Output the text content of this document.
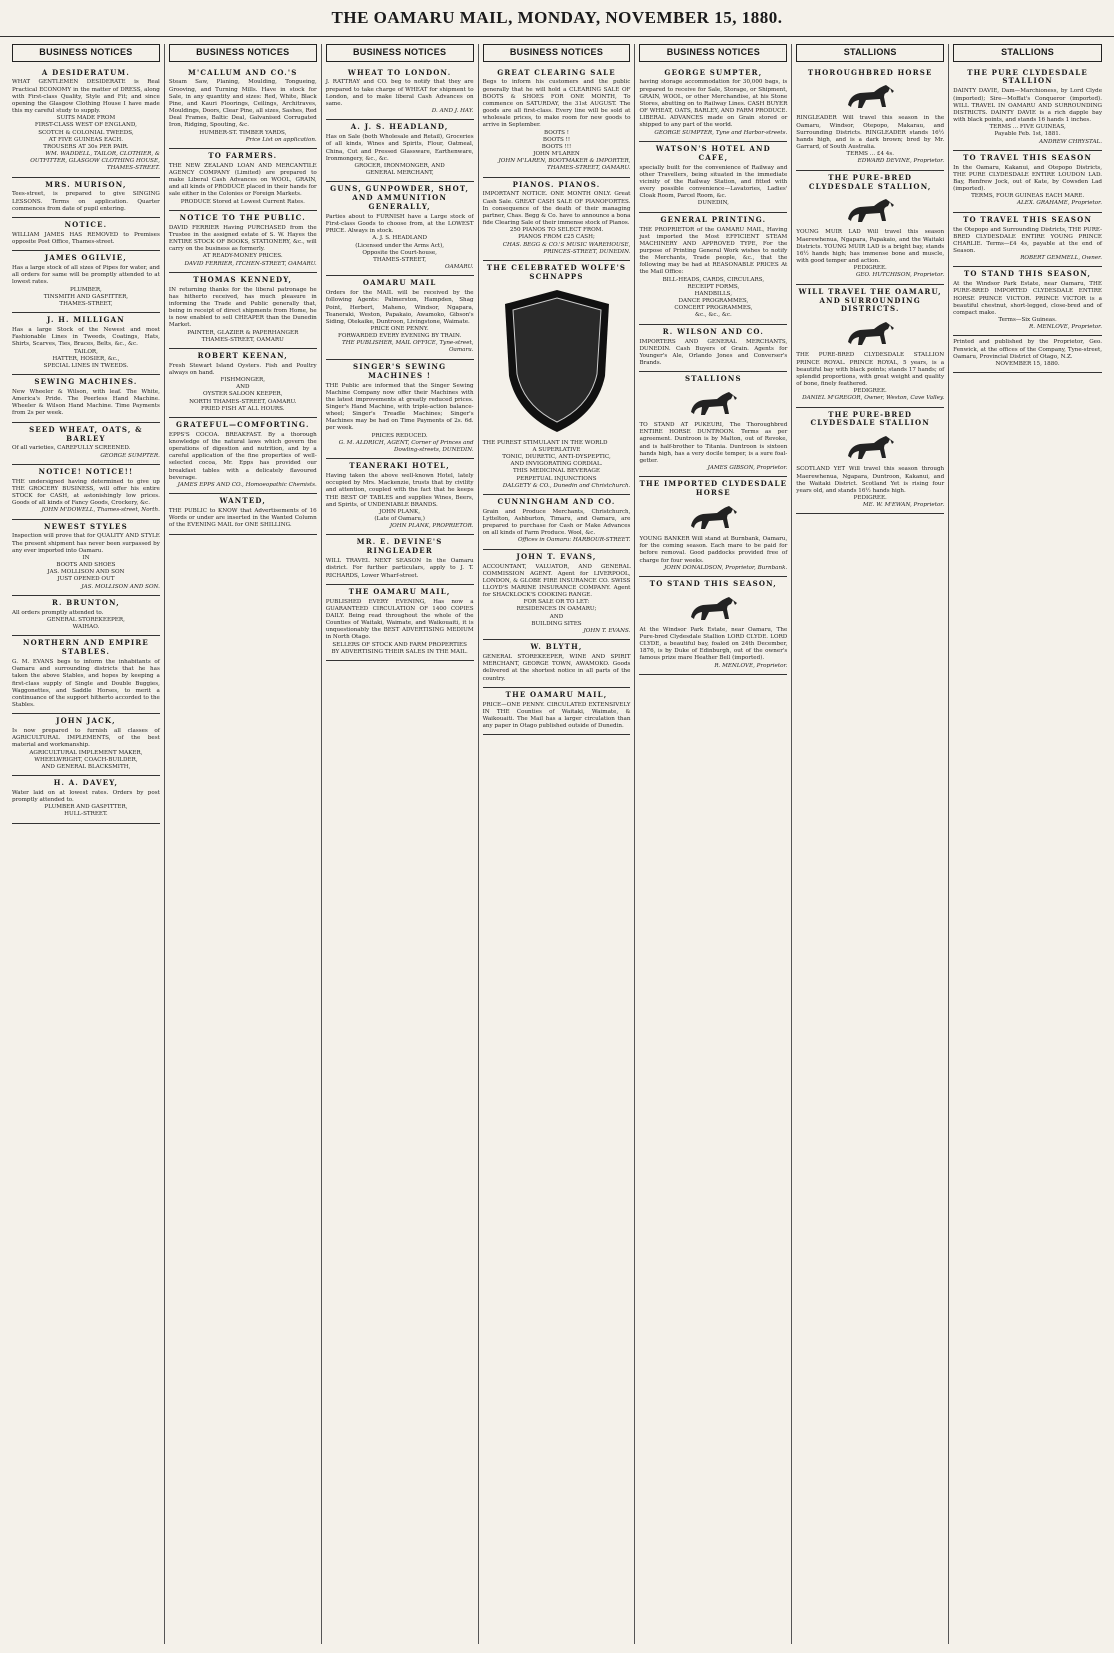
THE OAMARU MAIL, MONDAY, NOVEMBER 15, 1880.
BUSINESS NOTICES
A DESIDERATUM.
WHAT GENTLEMEN DESIDERATE is Real Practical ECONOMY in the matter of DRESS, along with First-class Quality, Style and Fit; and since opening the Glasgow Clothing House I have made this my careful study to supply.
SUITS MADE FROM
FIRST-CLASS WEST OF ENGLAND,
SCOTCH & COLONIAL TWEEDS,
AT FIVE GUINEAS EACH.
TROUSERS AT 30s PER PAIR.
WM. WADDELL, TAILOR, CLOTHIER, & OUTFITTER, GLASGOW CLOTHING HOUSE, THAMES-STREET.
MRS. MURISON,
Tees-street, is prepared to give SINGING LESSONS. Terms on application. Quarter commences from date of pupil entering.
NOTICE.
WILLIAM JAMES HAS REMOVED to Premises opposite Post Office, Thames-street.
JAMES OGILVIE,
Has a large stock of all sizes of Pipes for water, and all orders for same will be promptly attended to at lowest rates.
PLUMBER,
TINSMITH AND GASFITTER,
THAMES-STREET,
J. H. MILLIGAN
Has a large Stock of the Newest and most Fashionable Lines in Tweeds, Coatings, Hats, Shirts, Scarves, Ties, Braces, Belts, &c., &c.
TAILOR,
HATTER, HOSIER, &c.,
SPECIAL LINES IN TWEEDS.
SEWING MACHINES.
New Wheeler & Wilson, with leaf. The White, America's Pride. The Peerless Hand Machine. Wheeler & Wilson Hand Machine. Time Payments from 2s per week.
SEED WHEAT, OATS, & BARLEY
Of all varieties, CAREFULLY SCREENED.
GEORGE SUMPTER.
NOTICE! NOTICE!!
THE undersigned having determined to give up THE GROCERY BUSINESS, will offer his entire STOCK for CASH, at astonishingly low prices. Goods of all kinds of Fancy Goods, Crockery, &c.
JOHN M'DOWELL, Thames-street, North.
NEWEST STYLES
Inspection will prove that for QUALITY AND STYLE The present shipment has never been surpassed by any ever imported into Oamaru.
IN
BOOTS AND SHOES
JAS. MOLLISON AND SON
JUST OPENED OUT
JAS. MOLLISON AND SON.
R. BRUNTON,
All orders promptly attended to.
GENERAL STOREKEEPER,
WAIHAO.
NORTHERN AND EMPIRE STABLES.
G. M. EVANS begs to inform the inhabitants of Oamaru and surrounding districts that he has taken the above Stables, and hopes by keeping a first-class supply of Single and Double Buggies, Waggonettes, and Saddle Horses, to merit a continuance of the support hitherto accorded to the Stables.
JOHN JACK,
Is now prepared to furnish all classes of AGRICULTURAL IMPLEMENTS, of the best material and workmanship.
AGRICULTURAL IMPLEMENT MAKER,
WHEELWRIGHT, COACH-BUILDER,
AND GENERAL BLACKSMITH,
H. A. DAVEY,
Water laid on at lowest rates. Orders by post promptly attended to.
PLUMBER AND GASFITTER,
HULL-STREET.
BUSINESS NOTICES
M'CALLUM AND CO.'S
Steam Saw, Planing, Moulding, Tongueing, Grooving, and Turning Mills. Have in stock for Sale, in any quantity and sizes: Red, White, Black Pine, and Kauri Floorings, Ceilings, Architraves, Mouldings, Doors, Clear Pine, all sizes, Sashes, Red Deal Frames, Baltic Deal, Galvanised Corrugated Iron, Ridging, Spouting, &c.
HUMBER-ST. TIMBER YARDS,
Price List on application.
TO FARMERS.
THE NEW ZEALAND LOAN AND MERCANTILE AGENCY COMPANY (Limited) are prepared to make Liberal Cash Advances on WOOL, GRAIN, and all kinds of PRODUCE placed in their hands for sale either in the Colonies or Foreign Markets.
PRODUCE Stored at Lowest Current Rates.
NOTICE TO THE PUBLIC.
DAVID FERRIER Having PURCHASED from the Trustee in the assigned estate of S. W. Hayes the ENTIRE STOCK OF BOOKS, STATIONERY, &c., will carry on the business as formerly.
AT READY-MONEY PRICES.
DAVID FERRIER, ITCHEN-STREET, OAMARU.
THOMAS KENNEDY,
IN returning thanks for the liberal patronage he has hitherto received, has much pleasure in informing the Trade and Public generally that, being in receipt of direct shipments from Home, he is now enabled to sell CHEAPER than the Dunedin Market.
PAINTER, GLAZIER & PAPERHANGER
THAMES-STREET, OAMARU
ROBERT KEENAN,
Fresh Stewart Island Oysters. Fish and Poultry always on hand.
FISHMONGER,
AND
OYSTER SALOON KEEPER,
NORTH THAMES-STREET, OAMARU.
FRIED FISH AT ALL HOURS.
GRATEFUL—COMFORTING.
EPPS'S COCOA. BREAKFAST. By a thorough knowledge of the natural laws which govern the operations of digestion and nutrition, and by a careful application of the fine properties of well-selected cocoa, Mr. Epps has provided our breakfast tables with a delicately flavoured beverage.
JAMES EPPS AND CO., Homoeopathic Chemists.
WANTED,
THE PUBLIC to KNOW that Advertisements of 16 Words or under are inserted in the Wanted Column of the EVENING MAIL for ONE SHILLING.
BUSINESS NOTICES
WHEAT TO LONDON.
J. RATTRAY and CO. beg to notify that they are prepared to take charge of WHEAT for shipment to London, and to make liberal Cash Advances on same.
D. AND J. HAY.
A. J. S. HEADLAND,
Has on Sale (both Wholesale and Retail), Groceries of all kinds, Wines and Spirits, Flour, Oatmeal, China, Cut and Pressed Glassware, Earthenware, Ironmongery, &c., &c.
GROCER, IRONMONGER, AND
GENERAL MERCHANT,
GUNS, GUNPOWDER, SHOT, AND AMMUNITION GENERALLY,
Parties about to FURNISH have a Large stock of First-class Goods to choose from, at the LOWEST PRICE. Always in stock.
A. J. S. HEADLAND
(Licensed under the Arms Act),
Opposite the Court-house,
THAMES-STREET,
OAMARU.
OAMARU MAIL
Orders for the MAIL will be received by the following Agents: Palmerston, Hampden, Shag Point, Herbert, Maheno, Windsor, Ngapara, Teaneraki, Weston, Papakaio, Awamoko, Gibson's Siding, Otekaike, Duntroon, Livingstone, Waimate.
PRICE ONE PENNY.
FORWARDED EVERY EVENING BY TRAIN.
THE PUBLISHER, MAIL OFFICE, Tyne-street, Oamaru.
SINGER'S SEWING MACHINES !
THE Public are informed that the Singer Sewing Machine Company now offer their Machines with the latest improvements at greatly reduced prices. Singer's Hand Machine, with triple-action balance-wheel; Singer's Treadle Machines; Singer's Machines may be had on Time Payments of 2s. 6d. per week.
PRICES REDUCED.
G. M. ALDRICH, AGENT, Corner of Princes and Dowling-streets, DUNEDIN.
TEANERAKI HOTEL,
Having taken the above well-known Hotel, lately occupied by Mrs. Mackenzie, trusts that by civility and attention, coupled with the fact that he keeps THE BEST OF TABLES and supplies Wines, Beers, and Spirits, of UNDENIABLE BRANDS.
JOHN PLANK,
(Late of Oamaru,)
JOHN PLANK, PROPRIETOR.
MR. E. DEVINE'S RINGLEADER
WILL TRAVEL NEXT SEASON In the Oamaru district. For further particulars, apply to J. T. RICHARDS, Lower Wharf-street.
THE OAMARU MAIL,
PUBLISHED EVERY EVENING, Has now a GUARANTEED CIRCULATION OF 1400 COPIES DAILY. Being read throughout the whole of the Counties of Waitaki, Waimate, and Waikouaiti, it is unquestionably the BEST ADVERTISING MEDIUM in North Otago.
SELLERS OF STOCK AND FARM PROPERTIES
BY ADVERTISING THEIR SALES IN THE MAIL.
BUSINESS NOTICES
GREAT CLEARING SALE
Begs to inform his customers and the public generally that he will hold a CLEARING SALE OF BOOTS & SHOES FOR ONE MONTH, To commence on SATURDAY, the 31st AUGUST. The goods are all first-class. Every line will be sold at wholesale prices, to make room for new goods to arrive in September.
BOOTS !
BOOTS !!
BOOTS !!!
JOHN M'LAREN
JOHN M'LAREN, BOOTMAKER & IMPORTER, THAMES-STREET, OAMARU.
PIANOS. PIANOS.
IMPORTANT NOTICE. ONE MONTH ONLY. Great Cash Sale. GREAT CASH SALE OF PIANOFORTES. In consequence of the death of their managing partner, Chas. Begg & Co. have to announce a bona fide Clearing Sale of their immense stock of Pianos.
250 PIANOS TO SELECT FROM.
PIANOS FROM £25 CASH;
CHAS. BEGG & CO.'S MUSIC WAREHOUSE, PRINCES-STREET, DUNEDIN.
THE CELEBRATED WOLFE'S SCHNAPPS
THE PUREST STIMULANT IN THE WORLD
A SUPERLATIVE
TONIC, DIURETIC, ANTI-DYSPEPTIC,
AND INVIGORATING CORDIAL.
THIS MEDICINAL BEVERAGE
PERPETUAL INJUNCTIONS
DALGETY & CO., Dunedin and Christchurch.
CUNNINGHAM AND CO.
Grain and Produce Merchants, Christchurch, Lyttelton, Ashburton, Timaru, and Oamaru, are prepared to purchase for Cash or Make Advances on all kinds of Farm Produce. Wool, &c.
Offices in Oamaru: HARBOUR-STREET.
JOHN T. EVANS,
ACCOUNTANT, VALUATOR, AND GENERAL COMMISSION AGENT. Agent for LIVERPOOL, LONDON, & GLOBE FIRE INSURANCE CO. SWISS LLOYD'S MARINE INSURANCE COMPANY. Agent for SHACKLOCK'S COOKING RANGE.
FOR SALE OR TO LET:
RESIDENCES IN OAMARU;
AND
BUILDING SITES
JOHN T. EVANS.
W. BLYTH,
GENERAL STOREKEEPER, WINE AND SPIRIT MERCHANT, GEORGE TOWN, AWAMOKO. Goods delivered at the shortest notice in all parts of the country.
THE OAMARU MAIL,
PRICE—ONE PENNY. CIRCULATED EXTENSIVELY IN THE Counties of Waitaki, Waimate, & Waikouaiti. The Mail has a larger circulation than any paper in Otago published outside of Dunedin.
BUSINESS NOTICES
GEORGE SUMPTER,
having storage accommodation for 30,000 bags, is prepared to receive for Sale, Storage, or Shipment, GRAIN, WOOL, or other Merchandise, at his Stone Stores, abutting on to Railway Lines. CASH BUYER OF WHEAT, OATS, BARLEY, AND FARM PRODUCE. LIBERAL ADVANCES made on Grain stored or shipped to any part of the world.
GEORGE SUMPTER, Tyne and Harbor-streets.
WATSON'S HOTEL AND CAFE,
specially built for the convenience of Railway and other Travellers, being situated in the immediate vicinity of the Railway Station, and fitted with every possible convenience—Lavatories, Ladies' Cloak Room, Parcel Room, &c.
DUNEDIN,
GENERAL PRINTING.
THE PROPRIETOR of the OAMARU MAIL, Having just imported the Most EFFICIENT STEAM MACHINERY AND APPROVED TYPE, For the purpose of Printing General Work wishes to notify the Merchants, Trade people, &c., that the following may be had at REASONABLE PRICES At the Mail Office:
BILL-HEADS, CARDS, CIRCULARS,
RECEIPT FORMS,
HANDBILLS,
DANCE PROGRAMMES,
CONCERT PROGRAMMES,
&c., &c., &c.
R. WILSON AND CO.
IMPORTERS AND GENERAL MERCHANTS, DUNEDIN. Cash Buyers of Grain. Agents for Younger's Ale, Orlando Jones and Converser's Brands.
STALLIONS
TO STAND AT PUKEURI, The Thoroughbred ENTIRE HORSE DUNTROON. Terms as per agreement. Duntroon is by Malton, out of Revoke, and is half-brother to Titania. Duntroon is sixteen hands high, has a very docile temper, is a sure foal-getter.
JAMES GIBSON, Proprietor.
THE IMPORTED CLYDESDALE HORSE
YOUNG BANKER Will stand at Burnbank, Oamaru, for the coming season. Each mare to be paid for before removal. Good paddocks provided free of charge for four weeks.
JOHN DONALDSON, Proprietor, Burnbank.
TO STAND THIS SEASON,
At the Windsor Park Estate, near Oamaru, The Pure-bred Clydesdale Stallion LORD CLYDE. LORD CLYDE, a beautiful bay, foaled on 24th December, 1876, is by Duke of Edinburgh, out of the owner's famous prize mare Heather Bell (imported).
R. MENLOVE, Proprietor.
STALLIONS
THOROUGHBRED HORSE
RINGLEADER Will travel this season in the Oamaru, Windsor, Otepopo, Makarau, and Surrounding Districts. RINGLEADER stands 16½ hands high, and is a dark brown; bred by Mr. Garrard, of South Australia.
TERMS ... £4 4s.
EDWARD DEVINE, Proprietor.
THE PURE-BRED CLYDESDALE STALLION,
YOUNG MUIR LAD Will travel this season Maerewhenua, Ngapara, Papakaio, and the Waitaki Districts. YOUNG MUIR LAD is a bright bay, stands 16½ hands high; has immense bone and muscle, with good temper and action.
PEDIGREE.
GEO. HUTCHISON, Proprietor.
WILL TRAVEL THE OAMARU, AND SURROUNDING DISTRICTS.
THE PURE-BRED CLYDESDALE STALLION PRINCE ROYAL. PRINCE ROYAL, 5 years, is a beautiful bay with black points; stands 17 hands; of splendid proportions, with great weight and quality of bone, finely feathered.
PEDIGREE.
DANIEL M'GREGOR, Owner, Weston, Cave Valley.
THE PURE-BRED CLYDESDALE STALLION
SCOTLAND YET Will travel this season through Maerewhenua, Ngapara, Duntroon, Kakanui, and the Waitaki District. Scotland Yet is rising four years old, and stands 16½ hands high.
PEDIGREE.
ME. W. M'EWAN, Proprietor.
STALLIONS
THE PURE CLYDESDALE STALLION
DAINTY DAVIE, Dam—Marchioness, by Lord Clyde (imported); Sire—Moffat's Conqueror (imported). WILL TRAVEL IN OAMARU AND SURROUNDING DISTRICTS. DAINTY DAVIE is a rich dapple bay with black points, and stands 16 hands 1 inches.
TERMS ... FIVE GUINEAS,
Payable Feb. 1st, 1881.
ANDREW CHRYSTAL.
TO TRAVEL THIS SEASON
In the Oamaru, Kakanui, and Otepopo Districts, THE PURE CLYDESDALE ENTIRE LOUDON LAD. Bay, Renfrew Jock, out of Kate, by Cowsden Lad (imported).
TERMS, FOUR GUINEAS EACH MARE.
ALEX. GRAHAME, Proprietor.
TO TRAVEL THIS SEASON
the Otepopo and Surrounding Districts, THE PURE-BRED CLYDESDALE ENTIRE YOUNG PRINCE CHARLIE. Terms—£4 4s, payable at the end of Season.
ROBERT GEMMELL, Owner.
TO STAND THIS SEASON,
At the Windsor Park Estate, near Oamaru, THE PURE-BRED IMPORTED CLYDESDALE ENTIRE HORSE PRINCE VICTOR. PRINCE VICTOR is a beautiful chestnut, short-legged, close-bred and of compact make.
Terms—Six Guineas.
R. MENLOVE, Proprietor.
Printed and published by the Proprietor, Geo. Fenwick, at the offices of the Company, Tyne-street, Oamaru, Provincial District of Otago, N.Z.
NOVEMBER 15, 1880.
